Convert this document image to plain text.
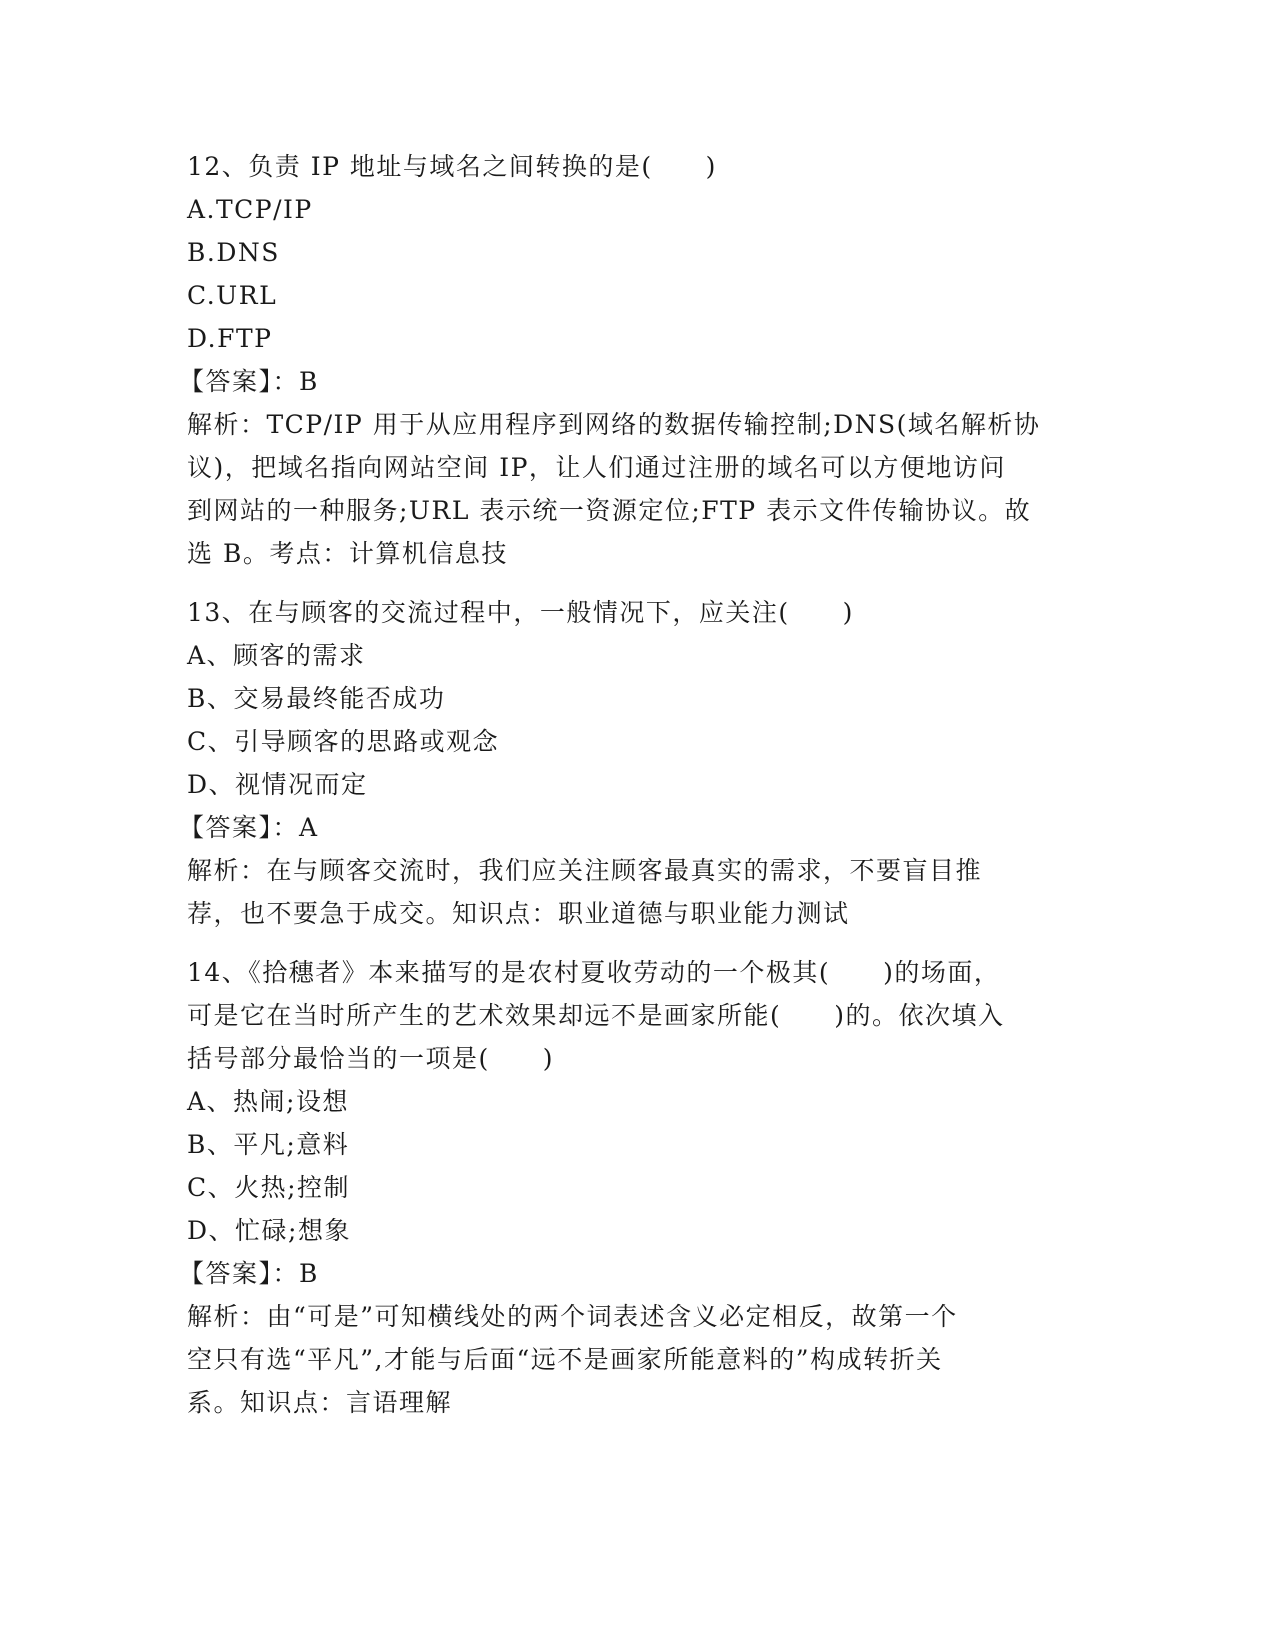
12、负责 IP 地址与域名之间转换的是(　　)
A.TCP/IP
B.DNS
C.URL
D.FTP
【答案】：B
解析：TCP/IP 用于从应用程序到网络的数据传输控制;DNS(域名解析协
议)，把域名指向网站空间 IP，让人们通过注册的域名可以方便地访问
到网站的一种服务;URL 表示统一资源定位;FTP 表示文件传输协议。故
选 B。考点：计算机信息技
13、在与顾客的交流过程中，一般情况下，应关注(　　)
A、顾客的需求
B、交易最终能否成功
C、引导顾客的思路或观念
D、视情况而定
【答案】：A
解析：在与顾客交流时，我们应关注顾客最真实的需求，不要盲目推
荐，也不要急于成交。知识点：职业道德与职业能力测试
14、《拾穗者》本来描写的是农村夏收劳动的一个极其(　　)的场面，
可是它在当时所产生的艺术效果却远不是画家所能(　　)的。依次填入
括号部分最恰当的一项是(　　)
A、热闹;设想
B、平凡;意料
C、火热;控制
D、忙碌;想象
【答案】：B
解析：由“可是”可知横线处的两个词表述含义必定相反，故第一个
空只有选“平凡”,才能与后面“远不是画家所能意料的”构成转折关
系。知识点：言语理解
